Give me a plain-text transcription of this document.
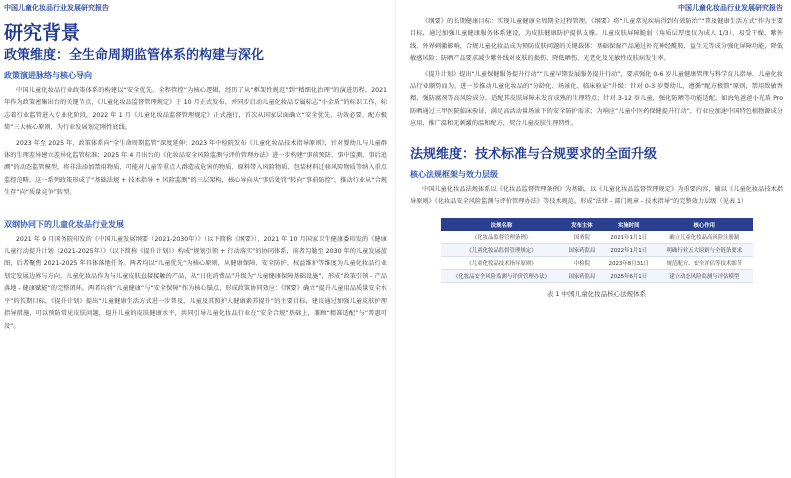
中国儿童化妆品行业发展研究报告
研究背景
政策维度：全生命周期监管体系的构建与深化
政策演进脉络与核心导向

中国儿童化妆品行业政策体系的构建以“安全优先、全程管控”为核心逻辑，经历了从“框架性规范”到“精细化治理”的演进历程。2021 年作为政策密集出台的关键节点，《儿童化妆品监督管理规定》于 10 月正式发布，并同步启动儿童化妆品专属标志“小金盾”的标识工作，标志着行业监管进入专业化阶段。2022 年 1 月《儿童化妆品监督管理规定》正式施行，首次从国家层面确立“安全优先、功效必要、配方极简”三大核心原则，为行业发展划定刚性底线。

2023 年至 2025 年，政策体系向“全生命周期监管”深度延伸：2023 年中检院发布《儿童化妆品技术指导原则》，针对婴幼儿与儿童群体的生理差异建立差异化监管标准；2025 年 4 月出台的《化妆品安全风险监测与评价管理办法》进一步构建“事前预防、事中监测、事后追溯”的动态监管模型，将非法添加禁用物质、可能对儿童等重点人群造成危害的物质、原料带入风险物质、包装材料迁移风险物质等纳入重点监控范畴。这一系列政策形成了“基础法规 + 技术指导 + 风险监测”的三层架构，核心导向从“事后处罚”转向“事前防控”，推动行业从“合规生存”向“质量竞争”转型。

双纲协同下的儿童化妆品行业发展

2021 年 9 月国务院印发的《中国儿童发展纲要（2021-2030年）》（以下简称《纲要》），2021 年 10 月国家卫生健康委印发的《健康儿童行动提升计划（2021-2025年）》（以下简称《提升计划》）构成“规划引领 + 行动落实”的协同体系，前者勾勒至 2030 年的儿童发展蓝图，后者聚焦 2021-2025 年具体落地任务。两者均以“儿童优先”为核心原则，从健康保障、安全防护、权益维护等维度为儿童化妆品行业划定发展边界与方向，儿童化妆品作为与儿童皮肤直接接触的产品，从“日化消费品”升级为“儿童健康保障基础设施”，形成“政策引领 - 产品落地 - 健康赋能”的完整闭环。两者均将“儿童健康”与“安全保障”作为核心锚点，形成政策协同效应：《纲要》确立“提升儿童用品质量安全水平”的长期目标，《提升计划》提出“儿童健康生活方式进一步普及，儿童及其照护人健康素养提升”的主要目标，建议通过加强儿童皮肤护理指导措施，可以预防常见皮肤问题，提升儿童的皮肤健康水平，共同引导儿童化妆品行业在“安全合规”基础上，兼顾“精准适配”与“普惠可及”。

中国儿童化妆品行业发展研究报告

《纲要》的长期健康目标：实现儿童健康全周期全过程管理。《纲要》将“儿童常见疾病得到有效防治”“普及健康生活方式”作为主要目标，通过加强儿童健康服务体系建设，为皮肤健康防护提供支撑。儿童皮肤屏障脆弱（角质层厚度仅为成人 1/3），易受干燥、紫外线、外界刺激影响，合规儿童化妆品成为预防皮肤问题的关键载体：基础保湿产品通过补充神经酰胺、益生元等成分强化屏障功能，降低敏感风险；防晒产品要求减少紫外线对皮肤的损伤，降低晒伤、光老化及光敏性皮肤病发生率。

《提升计划》提出“儿童保健服务提升行动”“儿童早期发展服务提升行动”，要求强化 0-6 岁儿童健康管理与科学育儿指导，儿童化妆品行业顺势而为，进一步推动儿童化妆品的“分龄化、场景化、临床验证”升级：针对 0-3 岁婴幼儿，遵循“配方极简”原则，禁用致敏香精、强防腐剂等高风险成分，适配其皮肤屏障未发育成熟的生理特点；针对 3-12 岁儿童，强化防晒等功能适配，如海龟爸爸小光盾 Pro 防晒通过三甲医院临床验证，满足高活动量场景下的安全防护需求；为响应“儿童中医药保健提升行动”，行业应加速中国特色植物源成分应用，推广温和无刺激的温和配方，契合儿童皮肤生理特性。

法规维度：技术标准与合规要求的全面升级
核心法规框架与效力层级

中国儿童化妆品法规体系以《化妆品监督管理条例》为基础，以《儿童化妆品监督管理规定》为重要内容，辅以《儿童化妆品技术指导原则》《化妆品安全风险监测与评价管理办法》等技术规范，形成“法律 - 部门规章 - 技术指导”的完整效力层级（见表 1）

法规名称	发布主体	实施时间	核心作用
《化妆品监督管理条例》	国务院	2021年1月1日	确立儿童化妆品高风险注册制
《儿童化妆品监督管理规定》	国家药监局	2022年1月1日	明确行业五大原则与全链条要求
《儿童化妆品技术指导原则》	中检院	2023年8月31日	规范配方、安全评估等技术细节
《化妆品安全风险监测与评价管理办法》	国家药监局	2025年6月1日	建立动态风险监测与评估模型
表 1 中国儿童化妆品核心法规体系
